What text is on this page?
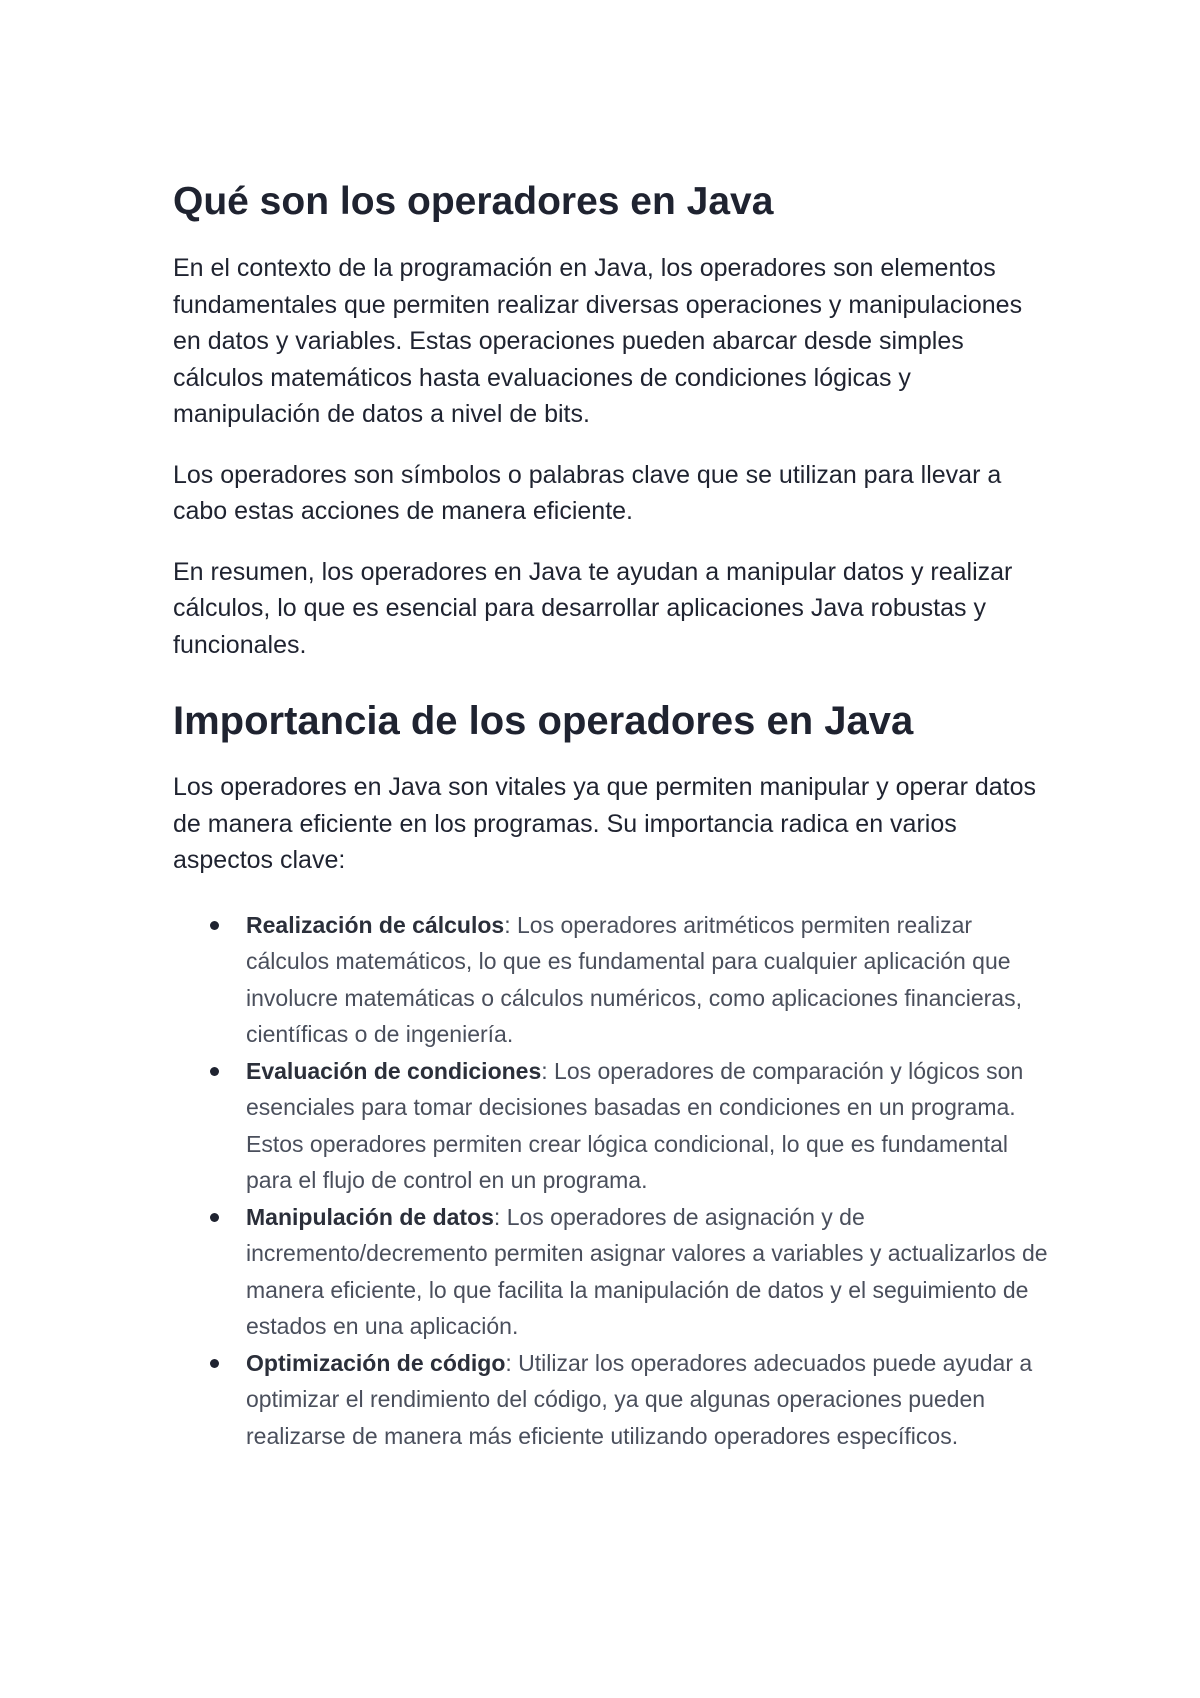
Qué son los operadores en Java

En el contexto de la programación en Java, los operadores son elementos fundamentales que permiten realizar diversas operaciones y manipulaciones en datos y variables. Estas operaciones pueden abarcar desde simples cálculos matemáticos hasta evaluaciones de condiciones lógicas y manipulación de datos a nivel de bits.

Los operadores son símbolos o palabras clave que se utilizan para llevar a cabo estas acciones de manera eficiente.

En resumen, los operadores en Java te ayudan a manipular datos y realizar cálculos, lo que es esencial para desarrollar aplicaciones Java robustas y funcionales.

Importancia de los operadores en Java

Los operadores en Java son vitales ya que permiten manipular y operar datos de manera eficiente en los programas. Su importancia radica en varios aspectos clave:

Realización de cálculos: Los operadores aritméticos permiten realizar cálculos matemáticos, lo que es fundamental para cualquier aplicación que involucre matemáticas o cálculos numéricos, como aplicaciones financieras, científicas o de ingeniería.
Evaluación de condiciones: Los operadores de comparación y lógicos son esenciales para tomar decisiones basadas en condiciones en un programa. Estos operadores permiten crear lógica condicional, lo que es fundamental para el flujo de control en un programa.
Manipulación de datos: Los operadores de asignación y de incremento/decremento permiten asignar valores a variables y actualizarlos de manera eficiente, lo que facilita la manipulación de datos y el seguimiento de estados en una aplicación.
Optimización de código: Utilizar los operadores adecuados puede ayudar a optimizar el rendimiento del código, ya que algunas operaciones pueden realizarse de manera más eficiente utilizando operadores específicos.
